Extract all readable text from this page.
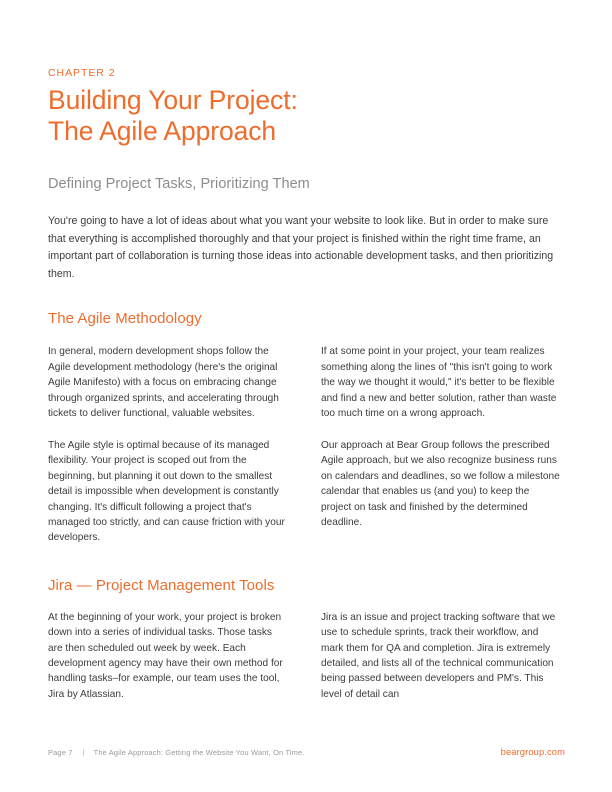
CHAPTER 2
Building Your Project:
The Agile Approach
Defining Project Tasks, Prioritizing Them

You're going to have a lot of ideas about what you want your website to look like. But in order to make sure that everything is accomplished thoroughly and that your project is finished within the right time frame, an important part of collaboration is turning those ideas into actionable development tasks, and then prioritizing them.

The Agile Methodology

In general, modern development shops follow the Agile development methodology (here's the original Agile Manifesto) with a focus on embracing change through organized sprints, and accelerating through tickets to deliver functional, valuable websites.

The Agile style is optimal because of its managed flexibility. Your project is scoped out from the beginning, but planning it out down to the smallest detail is impossible when development is constantly changing. It's difficult following a project that's managed too strictly, and can cause friction with your developers.

If at some point in your project, your team realizes something along the lines of "this isn't going to work the way we thought it would," it's better to be flexible and find a new and better solution, rather than waste too much time on a wrong approach.

Our approach at Bear Group follows the prescribed Agile approach, but we also recognize business runs on calendars and deadlines, so we follow a milestone calendar that enables us (and you) to keep the project on task and finished by the determined deadline.

Jira — Project Management Tools

At the beginning of your work, your project is broken down into a series of individual tasks. Those tasks are then scheduled out week by week. Each development agency may have their own method for handling tasks–for example, our team uses the tool, Jira by Atlassian.

Jira is an issue and project tracking software that we use to schedule sprints, track their workflow, and mark them for QA and completion. Jira is extremely detailed, and lists all of the technical communication being passed between developers and PM's. This level of detail can

Page 7 | The Agile Approach: Getting the Website You Want, On Time.	beargroup.com
